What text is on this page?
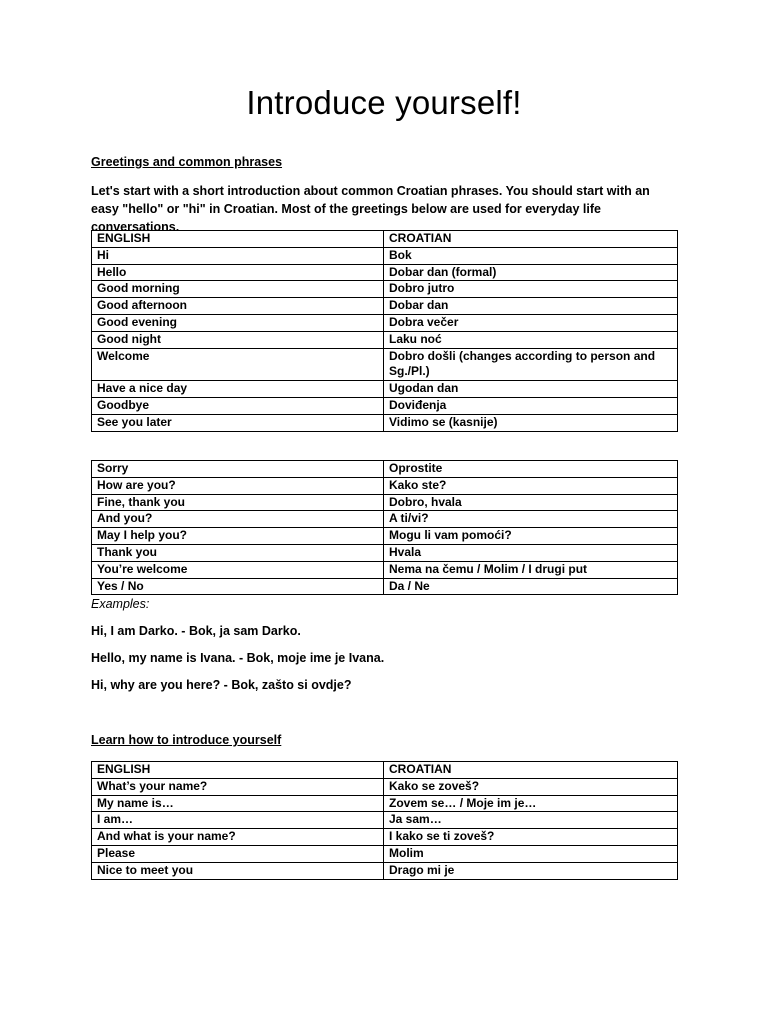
Introduce yourself!
Greetings and common phrases
Let's start with a short introduction about common Croatian phrases. You should start with an easy "hello" or "hi" in Croatian. Most of the greetings below are used for everyday life conversations.
ENGLISH	CROATIAN
Hi	Bok
Hello	Dobar dan (formal)
Good morning	Dobro jutro
Good afternoon	Dobar dan
Good evening	Dobra večer
Good night	Laku noć
Welcome	Dobro došli (changes according to person and Sg./Pl.)
Have a nice day	Ugodan dan
Goodbye	Doviđenja
See you later	Vidimo se (kasnije)
Sorry	Oprostite
How are you?	Kako ste?
Fine, thank you	Dobro, hvala
And you?	A ti/vi?
May I help you?	Mogu li vam pomoći?
Thank you	Hvala
You’re welcome	Nema na čemu / Molim / I drugi put
Yes / No	Da / Ne
Examples:
Hi, I am Darko. - Bok, ja sam Darko.
Hello, my name is Ivana. - Bok, moje ime je Ivana.
Hi, why are you here? - Bok, zašto si ovdje?
Learn how to introduce yourself
ENGLISH	CROATIAN
What’s your name?	Kako se zoveš?
My name is…	Zovem se… / Moje im je…
I am…	Ja sam…
And what is your name?	I kako se ti zoveš?
Please	Molim
Nice to meet you	Drago mi je
